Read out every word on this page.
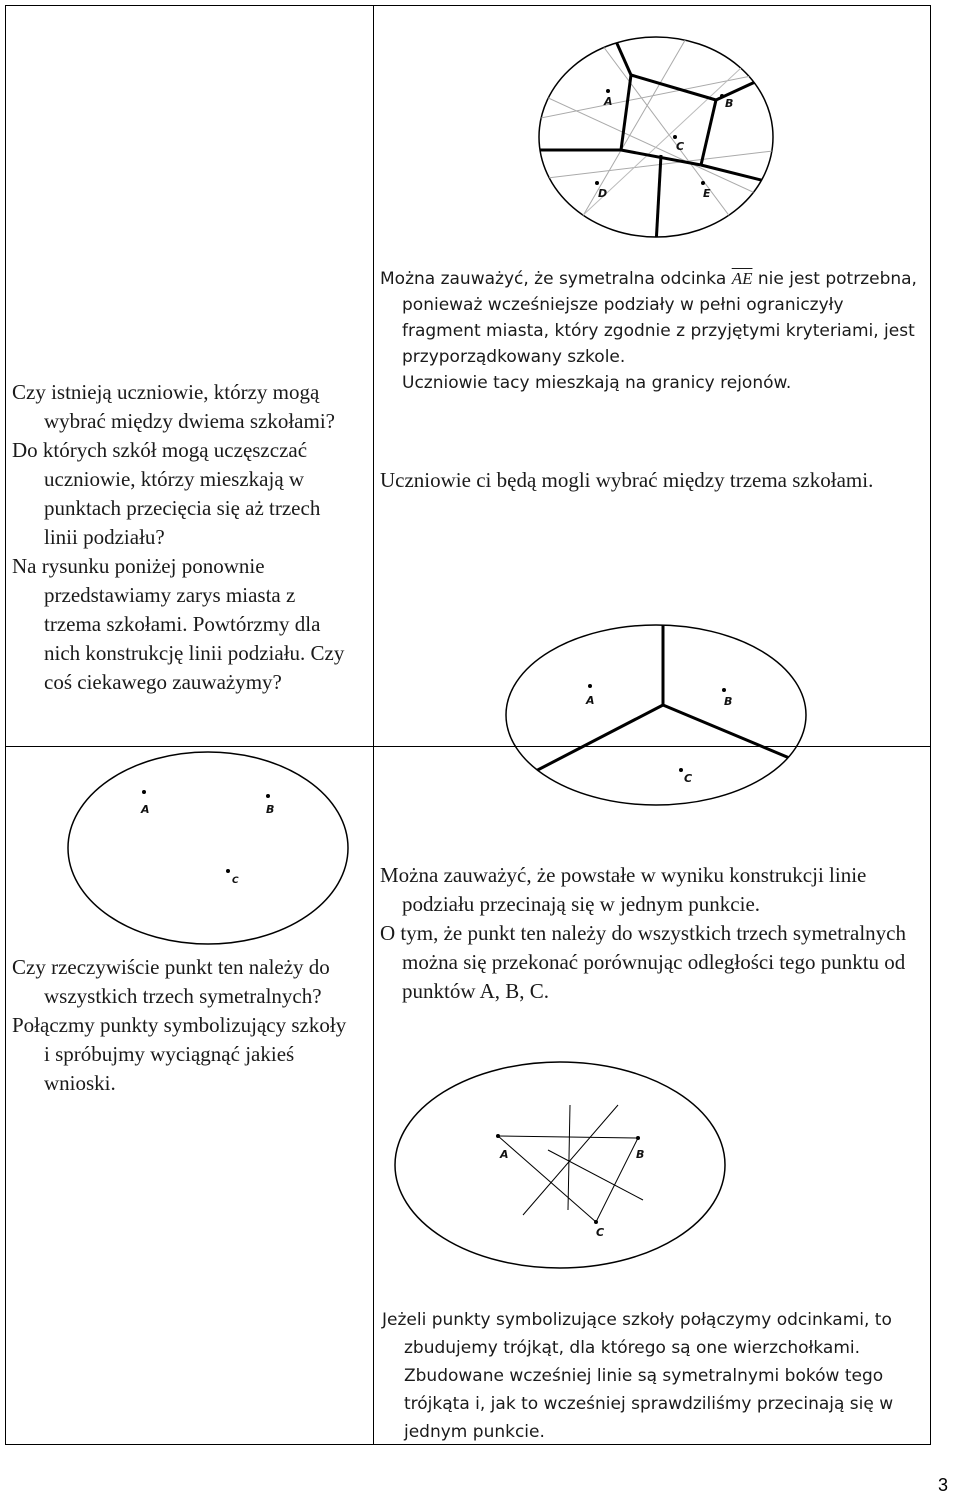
Czy istnieją uczniowie, którzy mogą wybrać między dwiema szkołami?

Do których szkół mogą uczęszczać uczniowie, którzy mieszkają w punktach przecięcia się aż trzech linii podziału?

Na rysunku poniżej ponownie przedstawiamy zarys miasta z trzema szkołami. Powtórzmy dla nich konstrukcję linii podziału. Czy coś ciekawego zauważymy?

A	B
C
D	E

Można zauważyć, że symetralna odcinka $\overline{AE}$ nie jest potrzebna, ponieważ wcześniejsze podziały w pełni ograniczyły fragment miasta, który zgodnie z przyjętymi kryteriami, jest przyporządkowany szkole.

Uczniowie tacy mieszkają na granicy rejonów.

Uczniowie ci będą mogli wybrać między trzema szkołami.

A	B
C
A	B
C

Czy rzeczywiście punkt ten należy do wszystkich trzech symetralnych?

Połączmy punkty symbolizujący szkoły i spróbujmy wyciągnąć jakieś wnioski.

Można zauważyć, że powstałe w wyniku konstrukcji linie podziału przecinają się w jednym punkcie.

O tym, że punkt ten należy do wszystkich trzech symetralnych można się przekonać porównując odległości tego punktu od punktów A, B, C.

A	B
C

Jeżeli punkty symbolizujące szkoły połączymy odcinkami, to zbudujemy trójkąt, dla którego są one wierzchołkami. Zbudowane wcześniej linie są symetralnymi boków tego trójkąta i, jak to wcześniej sprawdziliśmy przecinają się w jednym punkcie.

3
